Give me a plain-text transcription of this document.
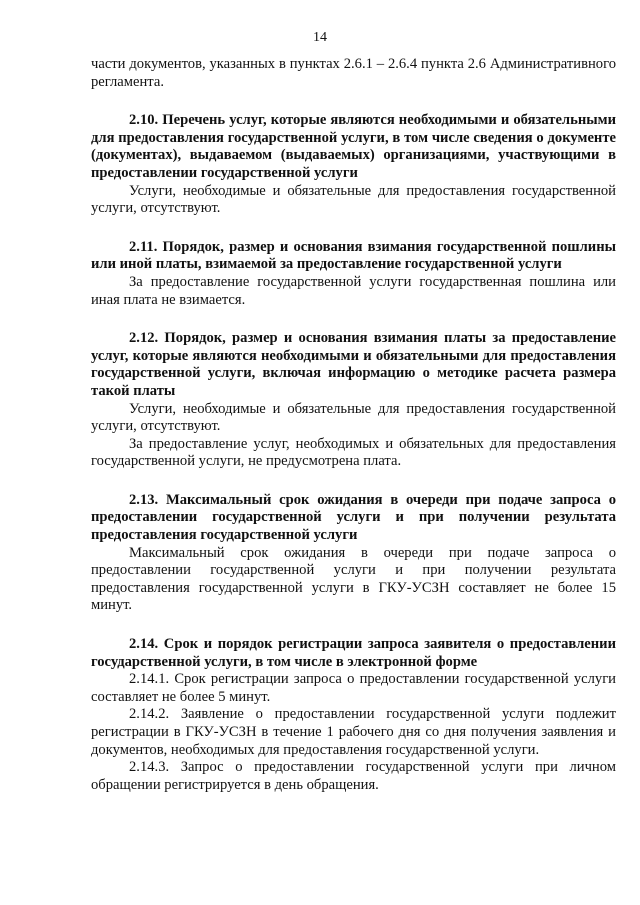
14

части документов, указанных в пунктах 2.6.1 – 2.6.4 пункта 2.6 Административного регламента.

2.10. Перечень услуг, которые являются необходимыми и обязательными для предоставления государственной услуги, в том числе сведения о документе (документах), выдаваемом (выдаваемых) организациями, участвующими в предоставлении государственной услуги

Услуги, необходимые и обязательные для предоставления государственной услуги, отсутствуют.

2.11. Порядок, размер и основания взимания государственной пошлины или иной платы, взимаемой за предоставление государственной услуги

За предоставление государственной услуги государственная пошлина или иная плата не взимается.

2.12. Порядок, размер и основания взимания платы за предоставление услуг, которые являются необходимыми и обязательными для предоставления государственной услуги, включая информацию о методике расчета размера такой платы

Услуги, необходимые и обязательные для предоставления государственной услуги, отсутствуют.

За предоставление услуг, необходимых и обязательных для предоставления государственной услуги, не предусмотрена плата.

2.13. Максимальный срок ожидания в очереди при подаче запроса о предоставлении государственной услуги и при получении результата предоставления государственной услуги

Максимальный срок ожидания в очереди при подаче запроса о предоставлении государственной услуги и при получении результата предоставления государственной услуги в ГКУ-УСЗН составляет не более 15 минут.

2.14. Срок и порядок регистрации запроса заявителя о предоставлении государственной услуги, в том числе в электронной форме

2.14.1. Срок регистрации запроса о предоставлении государственной услуги составляет не более 5 минут.

2.14.2. Заявление о предоставлении государственной услуги подлежит регистрации в ГКУ-УСЗН в течение 1 рабочего дня со дня получения заявления и документов, необходимых для предоставления государственной услуги.

2.14.3. Запрос о предоставлении государственной услуги при личном обращении регистрируется в день обращения.
